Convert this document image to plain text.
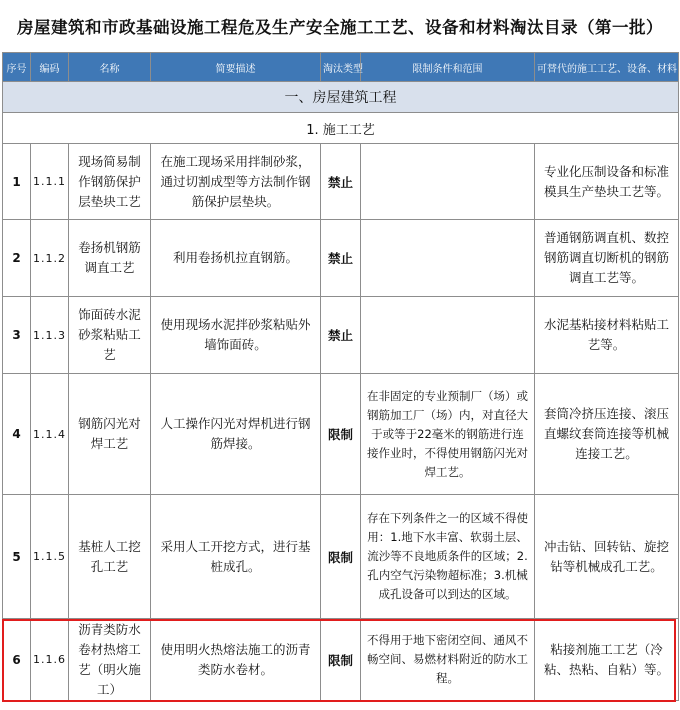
房屋建筑和市政基础设施工程危及生产安全施工工艺、设备和材料淘汰目录（第一批）
序号	编码	名称	简要描述	淘汰类型	限制条件和范围	可替代的施工工艺、设备、材料
一、房屋建筑工程						
1. 施工工艺						
1	1.1.1	现场简易制作钢筋保护层垫块工艺	在施工现场采用拌制砂浆，通过切割成型等方法制作钢筋保护层垫块。	禁止		专业化压制设备和标准模具生产垫块工艺等。
2	1.1.2	卷扬机钢筋调直工艺	利用卷扬机拉直钢筋。	禁止		普通钢筋调直机、数控钢筋调直切断机的钢筋调直工艺等。
3	1.1.3	饰面砖水泥砂浆粘贴工艺	使用现场水泥拌砂浆粘贴外墙饰面砖。	禁止		水泥基粘接材料粘贴工艺等。
4	1.1.4	钢筋闪光对焊工艺	人工操作闪光对焊机进行钢筋焊接。	限制	在非固定的专业预制厂（场）或钢筋加工厂（场）内，对直径大于或等于22毫米的钢筋进行连接作业时，不得使用钢筋闪光对焊工艺。	套筒冷挤压连接、滚压直螺纹套筒连接等机械连接工艺。
5	1.1.5	基桩人工挖孔工艺	采用人工开挖方式，进行基桩成孔。	限制	存在下列条件之一的区域不得使用：1.地下水丰富、软弱土层、流沙等不良地质条件的区域；2.孔内空气污染物超标准；3.机械成孔设备可以到达的区域。	冲击钻、回转钻、旋挖钻等机械成孔工艺。
6	1.1.6	沥青类防水卷材热熔工艺（明火施工）	使用明火热熔法施工的沥青类防水卷材。	限制	不得用于地下密闭空间、通风不畅空间、易燃材料附近的防水工程。	粘接剂施工工艺（冷粘、热粘、自粘）等。
